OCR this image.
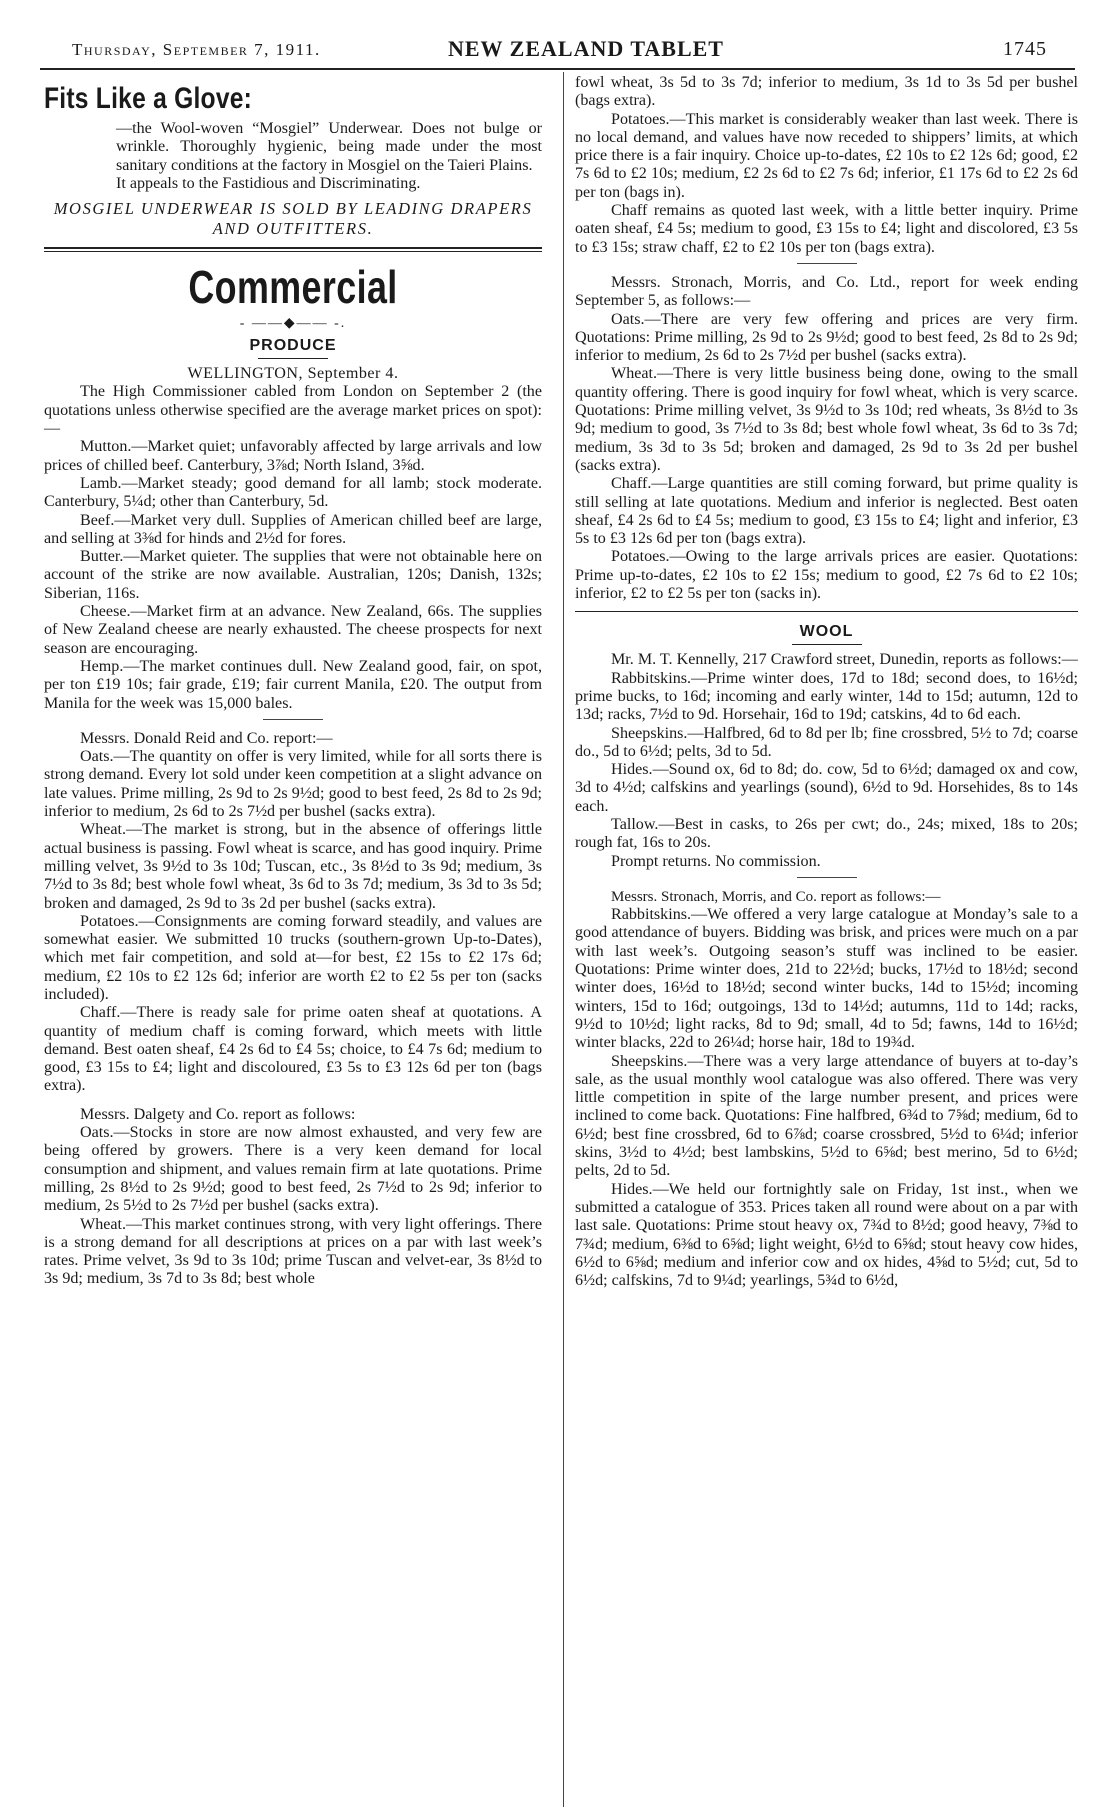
Thursday, September 7, 1911.	NEW ZEALAND TABLET	1745
Fits Like a Glove:

—the Wool-woven “Mosgiel” Underwear. Does not bulge or wrinkle. Thoroughly hygienic, being made under the most sanitary conditions at the factory in Mosgiel on the Taieri Plains.

It appeals to the Fastidious and Discriminating.

MOSGIEL UNDERWEAR IS SOLD BY LEADING DRAPERS AND OUTFITTERS.
Commercial
- ——◆—— -.
PRODUCE

WELLINGTON, September 4.

The High Commissioner cabled from London on September 2 (the quotations unless otherwise specified are the average market prices on spot):—

Mutton.—Market quiet; unfavorably affected by large arrivals and low prices of chilled beef. Canterbury, 3⅞d; North Island, 3⅝d.

Lamb.—Market steady; good demand for all lamb; stock moderate. Canterbury, 5¼d; other than Canterbury, 5d.

Beef.—Market very dull. Supplies of American chilled beef are large, and selling at 3⅜d for hinds and 2½d for fores.

Butter.—Market quieter. The supplies that were not obtainable here on account of the strike are now available. Australian, 120s; Danish, 132s; Siberian, 116s.

Cheese.—Market firm at an advance. New Zealand, 66s. The supplies of New Zealand cheese are nearly exhausted. The cheese prospects for next season are encouraging.

Hemp.—The market continues dull. New Zealand good, fair, on spot, per ton £19 10s; fair grade, £19; fair current Manila, £20. The output from Manila for the week was 15,000 bales.

Messrs. Donald Reid and Co. report:—

Oats.—The quantity on offer is very limited, while for all sorts there is strong demand. Every lot sold under keen competition at a slight advance on late values. Prime milling, 2s 9d to 2s 9½d; good to best feed, 2s 8d to 2s 9d; inferior to medium, 2s 6d to 2s 7½d per bushel (sacks extra).

Wheat.—The market is strong, but in the absence of offerings little actual business is passing. Fowl wheat is scarce, and has good inquiry. Prime milling velvet, 3s 9½d to 3s 10d; Tuscan, etc., 3s 8½d to 3s 9d; medium, 3s 7½d to 3s 8d; best whole fowl wheat, 3s 6d to 3s 7d; medium, 3s 3d to 3s 5d; broken and damaged, 2s 9d to 3s 2d per bushel (sacks extra).

Potatoes.—Consignments are coming forward steadily, and values are somewhat easier. We submitted 10 trucks (southern-grown Up-to-Dates), which met fair competition, and sold at—for best, £2 15s to £2 17s 6d; medium, £2 10s to £2 12s 6d; inferior are worth £2 to £2 5s per ton (sacks included).

Chaff.—There is ready sale for prime oaten sheaf at quotations. A quantity of medium chaff is coming forward, which meets with little demand. Best oaten sheaf, £4 2s 6d to £4 5s; choice, to £4 7s 6d; medium to good, £3 15s to £4; light and discoloured, £3 5s to £3 12s 6d per ton (bags extra).

Messrs. Dalgety and Co. report as follows:

Oats.—Stocks in store are now almost exhausted, and very few are being offered by growers. There is a very keen demand for local consumption and shipment, and values remain firm at late quotations. Prime milling, 2s 8½d to 2s 9½d; good to best feed, 2s 7½d to 2s 9d; inferior to medium, 2s 5½d to 2s 7½d per bushel (sacks extra).

Wheat.—This market continues strong, with very light offerings. There is a strong demand for all descriptions at prices on a par with last week’s rates. Prime velvet, 3s 9d to 3s 10d; prime Tuscan and velvet-ear, 3s 8½d to 3s 9d; medium, 3s 7d to 3s 8d; best whole

fowl wheat, 3s 5d to 3s 7d; inferior to medium, 3s 1d to 3s 5d per bushel (bags extra).

Potatoes.—This market is considerably weaker than last week. There is no local demand, and values have now receded to shippers’ limits, at which price there is a fair inquiry. Choice up-to-dates, £2 10s to £2 12s 6d; good, £2 7s 6d to £2 10s; medium, £2 2s 6d to £2 7s 6d; inferior, £1 17s 6d to £2 2s 6d per ton (bags in).

Chaff remains as quoted last week, with a little better inquiry. Prime oaten sheaf, £4 5s; medium to good, £3 15s to £4; light and discolored, £3 5s to £3 15s; straw chaff, £2 to £2 10s per ton (bags extra).

Messrs. Stronach, Morris, and Co. Ltd., report for week ending September 5, as follows:—

Oats.—There are very few offering and prices are very firm. Quotations: Prime milling, 2s 9d to 2s 9½d; good to best feed, 2s 8d to 2s 9d; inferior to medium, 2s 6d to 2s 7½d per bushel (sacks extra).

Wheat.—There is very little business being done, owing to the small quantity offering. There is good inquiry for fowl wheat, which is very scarce. Quotations: Prime milling velvet, 3s 9½d to 3s 10d; red wheats, 3s 8½d to 3s 9d; medium to good, 3s 7½d to 3s 8d; best whole fowl wheat, 3s 6d to 3s 7d; medium, 3s 3d to 3s 5d; broken and damaged, 2s 9d to 3s 2d per bushel (sacks extra).

Chaff.—Large quantities are still coming forward, but prime quality is still selling at late quotations. Medium and inferior is neglected. Best oaten sheaf, £4 2s 6d to £4 5s; medium to good, £3 15s to £4; light and inferior, £3 5s to £3 12s 6d per ton (bags extra).

Potatoes.—Owing to the large arrivals prices are easier. Quotations: Prime up-to-dates, £2 10s to £2 15s; medium to good, £2 7s 6d to £2 10s; inferior, £2 to £2 5s per ton (sacks in).

WOOL

Mr. M. T. Kennelly, 217 Crawford street, Dunedin, reports as follows:—

Rabbitskins.—Prime winter does, 17d to 18d; second does, to 16½d; prime bucks, to 16d; incoming and early winter, 14d to 15d; autumn, 12d to 13d; racks, 7½d to 9d. Horsehair, 16d to 19d; catskins, 4d to 6d each.

Sheepskins.—Halfbred, 6d to 8d per lb; fine crossbred, 5½ to 7d; coarse do., 5d to 6½d; pelts, 3d to 5d.

Hides.—Sound ox, 6d to 8d; do. cow, 5d to 6½d; damaged ox and cow, 3d to 4½d; calfskins and yearlings (sound), 6½d to 9d. Horsehides, 8s to 14s each.

Tallow.—Best in casks, to 26s per cwt; do., 24s; mixed, 18s to 20s; rough fat, 16s to 20s.

Prompt returns. No commission.

Messrs. Stronach, Morris, and Co. report as follows:—

Rabbitskins.—We offered a very large catalogue at Monday’s sale to a good attendance of buyers. Bidding was brisk, and prices were much on a par with last week’s. Outgoing season’s stuff was inclined to be easier. Quotations: Prime winter does, 21d to 22½d; bucks, 17½d to 18½d; second winter does, 16½d to 18½d; second winter bucks, 14d to 15½d; incoming winters, 15d to 16d; outgoings, 13d to 14½d; autumns, 11d to 14d; racks, 9½d to 10½d; light racks, 8d to 9d; small, 4d to 5d; fawns, 14d to 16½d; winter blacks, 22d to 26¼d; horse hair, 18d to 19¾d.

Sheepskins.—There was a very large attendance of buyers at to-day’s sale, as the usual monthly wool catalogue was also offered. There was very little competition in spite of the large number present, and prices were inclined to come back. Quotations: Fine halfbred, 6¾d to 7⅝d; medium, 6d to 6½d; best fine crossbred, 6d to 6⅞d; coarse crossbred, 5½d to 6¼d; inferior skins, 3½d to 4½d; best lambskins, 5½d to 6⅝d; best merino, 5d to 6½d; pelts, 2d to 5d.

Hides.—We held our fortnightly sale on Friday, 1st inst., when we submitted a catalogue of 353. Prices taken all round were about on a par with last sale. Quotations: Prime stout heavy ox, 7¾d to 8½d; good heavy, 7⅜d to 7¾d; medium, 6⅜d to 6⅝d; light weight, 6½d to 6⅝d; stout heavy cow hides, 6½d to 6⅝d; medium and inferior cow and ox hides, 4⅝d to 5½d; cut, 5d to 6½d; calfskins, 7d to 9¼d; yearlings, 5¾d to 6½d,
